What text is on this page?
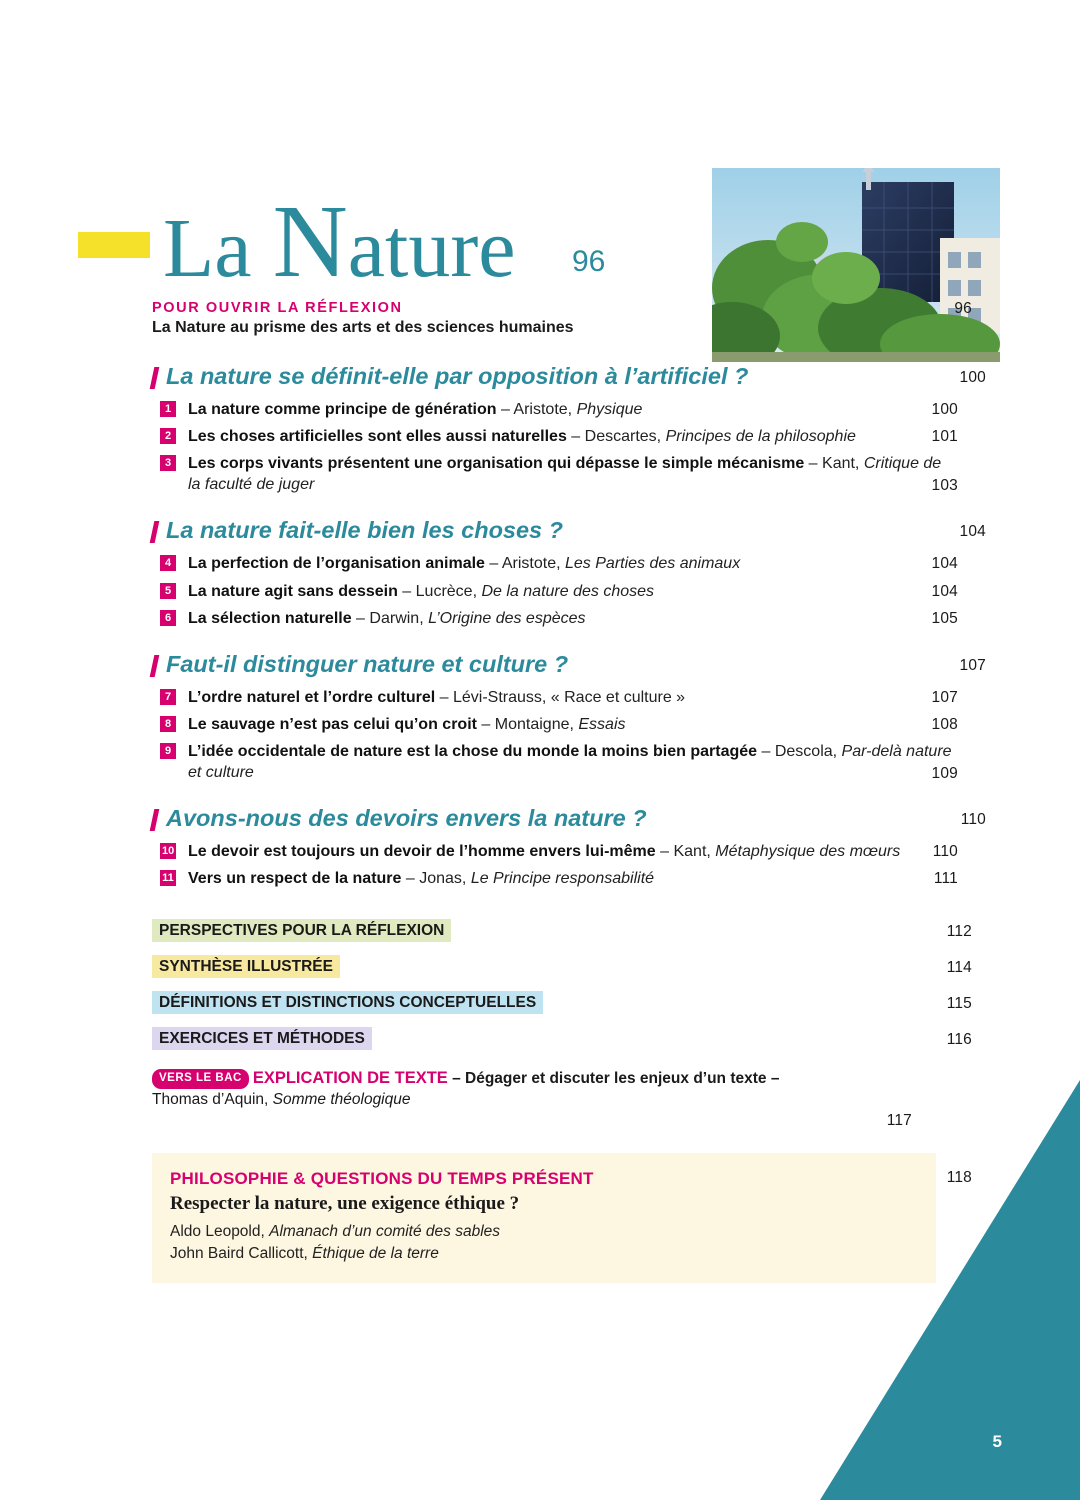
La Nature 96
POUR OUVRIR LA RÉFLEXION
La Nature au prisme des arts et des sciences humaines
96
La nature se définit-elle par opposition à l’artificiel ?	100
1	La nature comme principe de génération – Aristote, Physique	100
2	Les choses artificielles sont elles aussi naturelles – Descartes, Principes de la philosophie	101
3	Les corps vivants présentent une organisation qui dépasse le simple mécanisme – Kant, Critique de la faculté de juger	103
La nature fait-elle bien les choses ?	104
4	La perfection de l’organisation animale – Aristote, Les Parties des animaux	104
5	La nature agit sans dessein – Lucrèce, De la nature des choses	104
6	La sélection naturelle – Darwin, L’Origine des espèces	105
Faut-il distinguer nature et culture ?	107
7	L’ordre naturel et l’ordre culturel – Lévi-Strauss, « Race et culture »	107
8	Le sauvage n’est pas celui qu’on croit – Montaigne, Essais	108
9	L’idée occidentale de nature est la chose du monde la moins bien partagée – Descola, Par-delà nature et culture	109
Avons-nous des devoirs envers la nature ?	110
10 Le devoir est toujours un devoir de l’homme envers lui-même – Kant, Métaphysique des mœurs 110
11 Vers un respect de la nature – Jonas, Le Principe responsabilité	111
PERSPECTIVES POUR LA RÉFLEXION	112
SYNTHÈSE ILLUSTRÉE	114
DÉFINITIONS ET DISTINCTIONS CONCEPTUELLES	115
EXERCICES ET MÉTHODES	116
VERS LE BAC EXPLICATION DE TEXTE – Dégager et discuter les enjeux d’un texte –
Thomas d’Aquin, Somme théologique
117
PHILOSOPHIE & QUESTIONS DU TEMPS PRÉSENT
Respecter la nature, une exigence éthique ?
Aldo Leopold, Almanach d’un comité des sables
John Baird Callicott, Éthique de la terre
118
5
